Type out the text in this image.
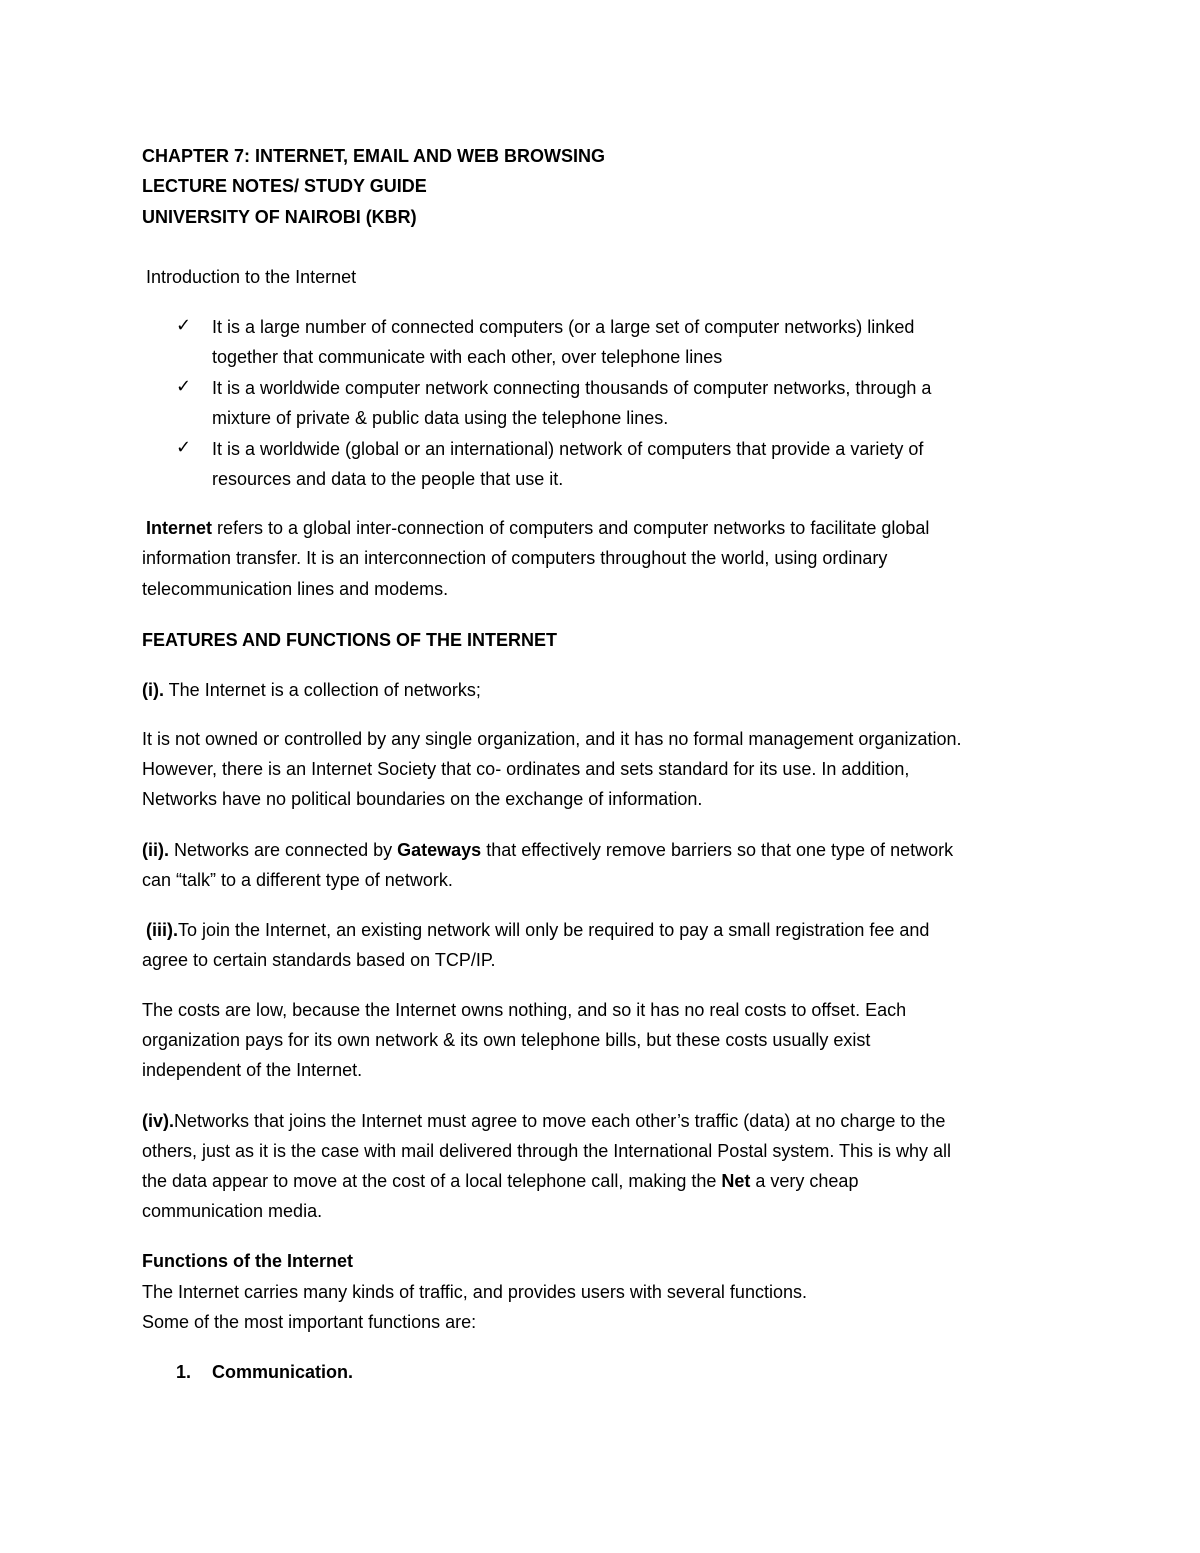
CHAPTER 7: INTERNET, EMAIL AND WEB BROWSING
LECTURE NOTES/ STUDY GUIDE
UNIVERSITY OF NAIROBI (KBR)
Introduction to the Internet
✓ It is a large number of connected computers (or a large set of computer networks) linked
together that communicate with each other, over telephone lines
✓ It is a worldwide computer network connecting thousands of computer networks, through a
mixture of private & public data using the telephone lines.
✓ It is a worldwide (global or an international) network of computers that provide a variety of
resources and data to the people that use it.
Internet refers to a global inter-connection of computers and computer networks to facilitate global
information transfer. It is an interconnection of computers throughout the world, using ordinary
telecommunication lines and modems.
FEATURES AND FUNCTIONS OF THE INTERNET
(i). The Internet is a collection of networks;
It is not owned or controlled by any single organization, and it has no formal management organization.
However, there is an Internet Society that co- ordinates and sets standard for its use. In addition,
Networks have no political boundaries on the exchange of information.
(ii). Networks are connected by Gateways that effectively remove barriers so that one type of network
can “talk” to a different type of network.
(iii).To join the Internet, an existing network will only be required to pay a small registration fee and
agree to certain standards based on TCP/IP.
The costs are low, because the Internet owns nothing, and so it has no real costs to offset. Each
organization pays for its own network & its own telephone bills, but these costs usually exist
independent of the Internet.
(iv).Networks that joins the Internet must agree to move each other’s traffic (data) at no charge to the
others, just as it is the case with mail delivered through the International Postal system. This is why all
the data appear to move at the cost of a local telephone call, making the Net a very cheap
communication media.
Functions of the Internet
The Internet carries many kinds of traffic, and provides users with several functions.
Some of the most important functions are:
1. Communication.
